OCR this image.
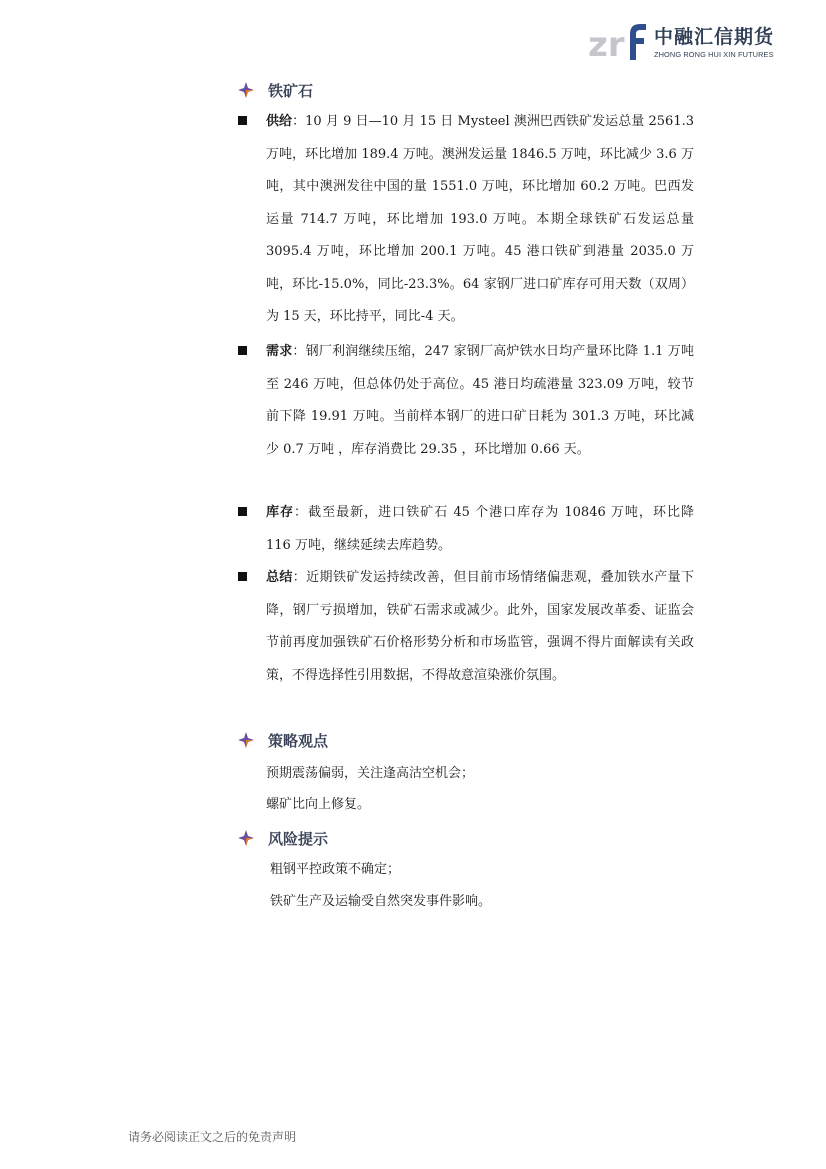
zr 中融汇信期货
ZHONG RONG HUI XIN FUTURES
铁矿石
供给：10 月 9 日—10 月 15 日 Mysteel 澳洲巴西铁矿发运总量 2561.3 万吨，环比增加 189.4 万吨。澳洲发运量 1846.5 万吨，环比减少 3.6 万吨，其中澳洲发往中国的量 1551.0 万吨，环比增加 60.2 万吨。巴西发运量 714.7 万吨，环比增加 193.0 万吨。本期全球铁矿石发运总量 3095.4 万吨，环比增加 200.1 万吨。45 港口铁矿到港量 2035.0 万吨，环比-15.0%，同比-23.3%。64 家钢厂进口矿库存可用天数（双周）为 15 天，环比持平，同比-4 天。
需求：钢厂利润继续压缩，247 家钢厂高炉铁水日均产量环比降 1.1 万吨至 246 万吨，但总体仍处于高位。45 港日均疏港量 323.09 万吨，较节前下降 19.91 万吨。当前样本钢厂的进口矿日耗为 301.3 万吨，环比减少 0.7 万吨 ，库存消费比 29.35 ，环比增加 0.66 天。
库存：截至最新，进口铁矿石 45 个港口库存为 10846 万吨，环比降 116 万吨，继续延续去库趋势。
总结：近期铁矿发运持续改善，但目前市场情绪偏悲观，叠加铁水产量下降，钢厂亏损增加，铁矿石需求或减少。此外，国家发展改革委、证监会节前再度加强铁矿石价格形势分析和市场监管，强调不得片面解读有关政策，不得选择性引用数据，不得故意渲染涨价氛围。
策略观点
预期震荡偏弱，关注逢高沽空机会；
螺矿比向上修复。
风险提示
粗钢平控政策不确定；
铁矿生产及运输受自然突发事件影响。
请务必阅读正文之后的免责声明
